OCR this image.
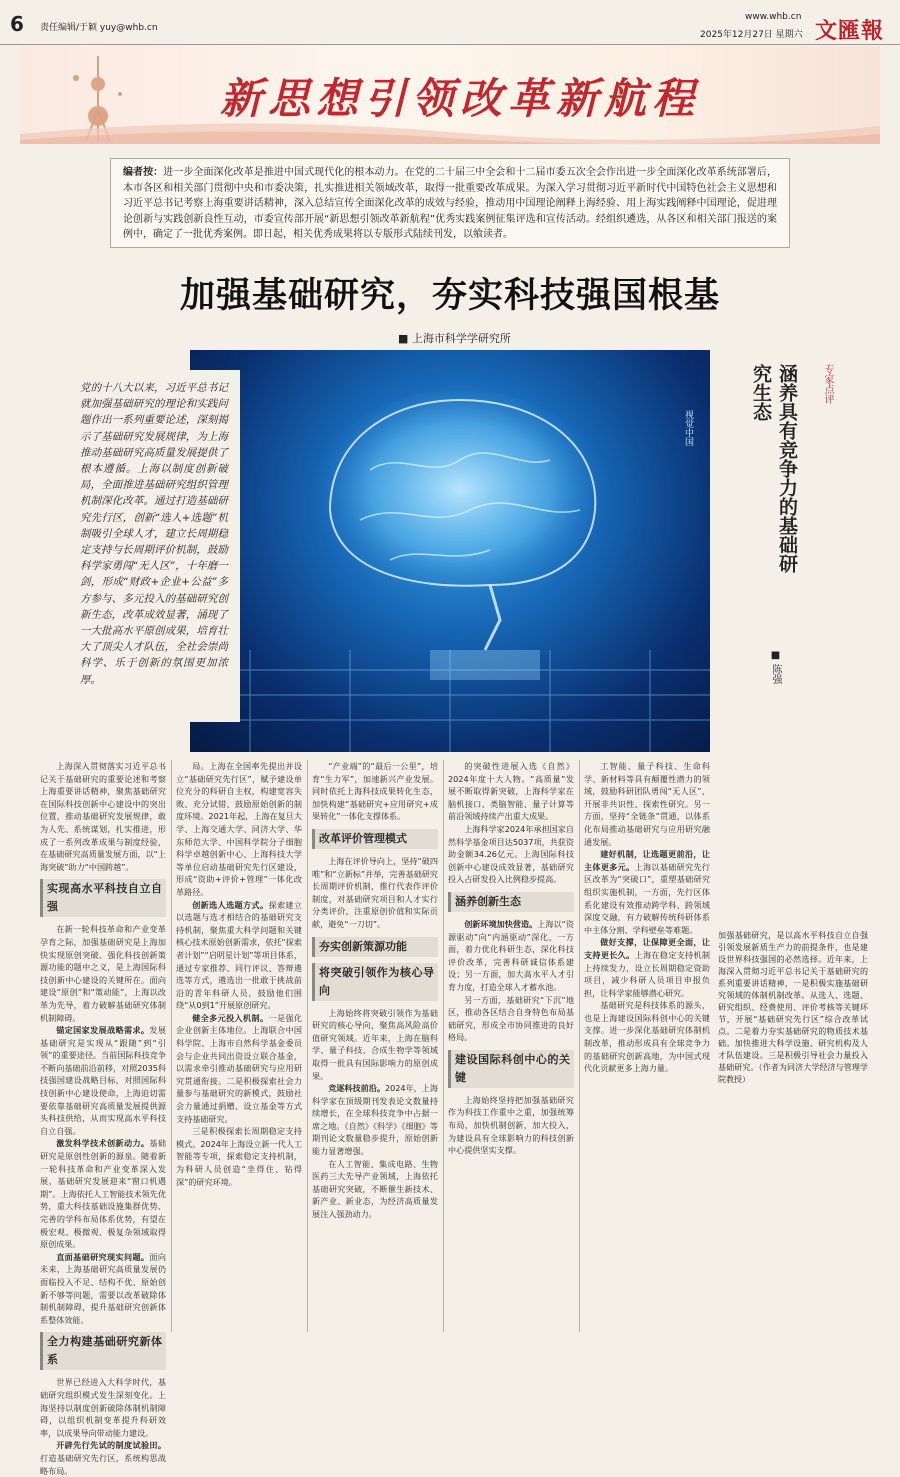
6 责任编辑/于颖 yuy@whb.cn
www.whb.cn
2025年12月27日 星期六 文匯報
新思想引领改革新航程
编者按：进一步全面深化改革是推进中国式现代化的根本动力。在党的二十届三中全会和十二届市委五次全会作出进一步全面深化改革系统部署后，本市各区和相关部门贯彻中央和市委决策，扎实推进相关领域改革，取得一批重要改革成果。为深入学习贯彻习近平新时代中国特色社会主义思想和习近平总书记考察上海重要讲话精神，深入总结宣传全面深化改革的成效与经验，推动用中国理论阐释上海经验、用上海实践阐释中国理论，促进理论创新与实践创新良性互动，市委宣传部开展“新思想引领改革新航程”优秀实践案例征集评选和宣传活动。经组织遴选，从各区和相关部门报送的案例中，确定了一批优秀案例。即日起，相关优秀成果将以专版形式陆续刊发，以飨读者。
加强基础研究，夯实科技强国根基
■ 上海市科学学研究所
视觉中国
党的十八大以来，习近平总书记就加强基础研究的理论和实践问题作出一系列重要论述，深刻揭示了基础研究发展规律，为上海推动基础研究高质量发展提供了根本遵循。上海以制度创新破局，全面推进基础研究组织管理机制深化改革。通过打造基础研究先行区，创新“选人+选题”机制吸引全球人才，建立长周期稳定支持与长周期评价机制，鼓励科学家勇闯“无人区”，十年磨一剑，形成“财政+企业+公益”多方参与、多元投入的基础研究创新生态，改革成效显著，涌现了一大批高水平原创成果，培育壮大了顶尖人才队伍，全社会崇尚科学、乐于创新的氛围更加浓厚。
专家点评
涵养具有竞争力的基础研究生态
■ 陈强
加强基础研究，是以高水平科技自立自强引领发展新质生产力的前提条件，也是建设世界科技强国的必然选择。近年来，上海深入贯彻习近平总书记关于基础研究的系列重要讲话精神，一是积极实施基础研究领域的体制机制改革。从选人、选题、研究组织、经费使用、评价考核等关键环节，开展“基础研究先行区”综合改革试点。二是着力夯实基础研究的物质技术基础。加快推进大科学设施、研究机构及人才队伍建设。三是积极引导社会力量投入基础研究。（作者为同济大学经济与管理学院教授）

上海深入贯彻落实习近平总书记关于基础研究的重要论述和考察上海重要讲话精神，聚焦基础研究在国际科技创新中心建设中的突出位置，推动基础研究发展规律，敢为人先、系统谋划，扎实推进，形成了一系列改革成果与制度经验，在基础研究高质量发展方面，以“上海突破”助力“中国跨越”。

实现高水平科技自立自强

在新一轮科技革命和产业变革孕育之际，加强基础研究是上海加快实现原创突破、强化科技创新策源功能的题中之义，是上海国际科技创新中心建设的关键所在。面向建设“原创”和“策动能”，上海以改革为先导，着力破解基础研究体制机制障碍。

锚定国家发展战略需求。发展基础研究是实现从“跟随”到“引领”的重要途径。当前国际科技竞争不断向基础前沿前移，对照2035科技强国建设战略目标，对照国际科技创新中心建设使命，上海迫切需要依靠基础研究高质量发展提供源头科技供给，从而实现高水平科技自立自强。

激发科学技术创新动力。基础研究是原创性创新的源泉。随着新一轮科技革命和产业变革深入发展，基础研究发展迎来“窗口机遇期”。上海依托人工智能技术领先优势，重大科技基础设施集群优势、完善的学科布局体系优势，有望在极宏观、极微观、极复杂领域取得原创成果。

直面基础研究现实问题。面向未来，上海基础研究高质量发展仍面临投入不足、结构不优、原始创新不够等问题，需要以改革破除体制机制障碍，提升基础研究创新体系整体效能。

全力构建基础研究新体系

世界已经进入大科学时代，基础研究组织模式发生深刻变化。上海坚持以制度创新破除体制机制障碍，以组织机制变革提升科研效率，以成果导向带动能力建设。

开辟先行先试的制度试验田。打造基础研究先行区，系统构思战略布局。

局。上海在全国率先提出并设立“基础研究先行区”，赋予建设单位充分的科研自主权，构建宽容失败、充分试错、鼓励原始创新的制度环境。2021年起，上海在复旦大学、上海交通大学、同济大学、华东师范大学、中国科学院分子细胞科学卓越创新中心、上海科技大学等单位启动基础研究先行区建设，形成“资助+评价+管理”一体化改革路径。

创新选人选题方式。探索建立以选题与选才相结合的基础研究支持机制，聚焦重大科学问题和关键核心技术原始创新需求，依托“探索者计划”“启明星计划”等项目体系，通过专家推荐、同行评议、答辩遴选等方式，遴选出一批敢于挑战前沿的青年科研人员，鼓励他们围绕“从0到1”开展原创研究。

健全多元投入机制。一是强化企业创新主体地位。上海联合中国科学院、上海市自然科学基金委员会与企业共同出资设立联合基金，以需求牵引推动基础研究与应用研究贯通衔接。二是积极探索社会力量参与基础研究的新模式，鼓励社会力量通过捐赠、设立基金等方式支持基础研究。

三是积极探索长周期稳定支持模式。2024年上海设立新一代人工智能等专项，探索稳定支持机制，为科研人员创造“坐得住、钻得深”的研究环境。

“产业端”的“最后一公里”，培育“生力军”，加速新兴产业发展。同时依托上海科技成果转化生态，加快构建“基础研究+应用研究+成果转化”一体化支撑体系。

改革评价管理模式

上海在评价导向上，坚持“破四唯”和“立新标”并举，完善基础研究长周期评价机制，推行代表作评价制度，对基础研究项目和人才实行分类评价，注重原创价值和实际贡献，避免“一刀切”。

夯实创新策源功能
将突破引领作为核心导向

上海始终将突破引领作为基础研究的核心导向，聚焦高风险高价值研究领域。近年来，上海在脑科学、量子科技、合成生物学等领域取得一批具有国际影响力的原创成果。

竞逐科技前沿。2024年，上海科学家在顶级期刊发表论文数量持续增长，在全球科技竞争中占据一席之地。《自然》《科学》《细胞》等期刊论文数量稳步提升，原始创新能力显著增强。

在人工智能、集成电路、生物医药三大先导产业领域，上海依托基础研究突破，不断催生新技术、新产业、新业态，为经济高质量发展注入强劲动力。

的突破性进展入选《自然》2024年度十大人物。“高质量”发展不断取得新突破，上海科学家在脑机接口、类脑智能、量子计算等前沿领域持续产出重大成果。

上海科学家2024年承担国家自然科学基金项目达5037项，共获资助金额34.26亿元。上海国际科技创新中心建设成效显著，基础研究投入占研发投入比例稳步提高。

涵养创新生态

创新环境加快营造。上海以“资源驱动”向“内涵驱动”深化，一方面，着力优化科研生态，深化科技评价改革，完善科研诚信体系建设；另一方面，加大高水平人才引育力度，打造全球人才蓄水池。

另一方面，基础研究“下沉”地区，推动各区结合自身特色布局基础研究，形成全市协同推进的良好格局。

建设国际科创中心的关键

上海始终坚持把加强基础研究作为科技工作重中之重，加强统筹布局，加快机制创新，加大投入，为建设具有全球影响力的科技创新中心提供坚实支撑。

工智能、量子科技、生命科学、新材料等具有颠覆性潜力的领域，鼓励科研团队勇闯“无人区”，开展非共识性、探索性研究。另一方面，坚持“全链条”贯通，以体系化布局推动基础研究与应用研究融通发展。

建好机制，让选题更前沿，让主体更多元。上海以基础研究先行区改革为“突破口”，重塑基础研究组织实施机制，一方面，先行区体系化建设有效推动跨学科、跨领域深度交融，有力破解传统科研体系中主体分割、学科壁垒等难题。

做好支撑，让保障更全面，让支持更长久。上海在稳定支持机制上持续发力，设立长周期稳定资助项目，减少科研人员项目申报负担，让科学家能够潜心研究。

基础研究是科技体系的源头，也是上海建设国际科创中心的关键支撑。进一步深化基础研究体制机制改革，推动形成具有全球竞争力的基础研究创新高地，为中国式现代化贡献更多上海力量。
